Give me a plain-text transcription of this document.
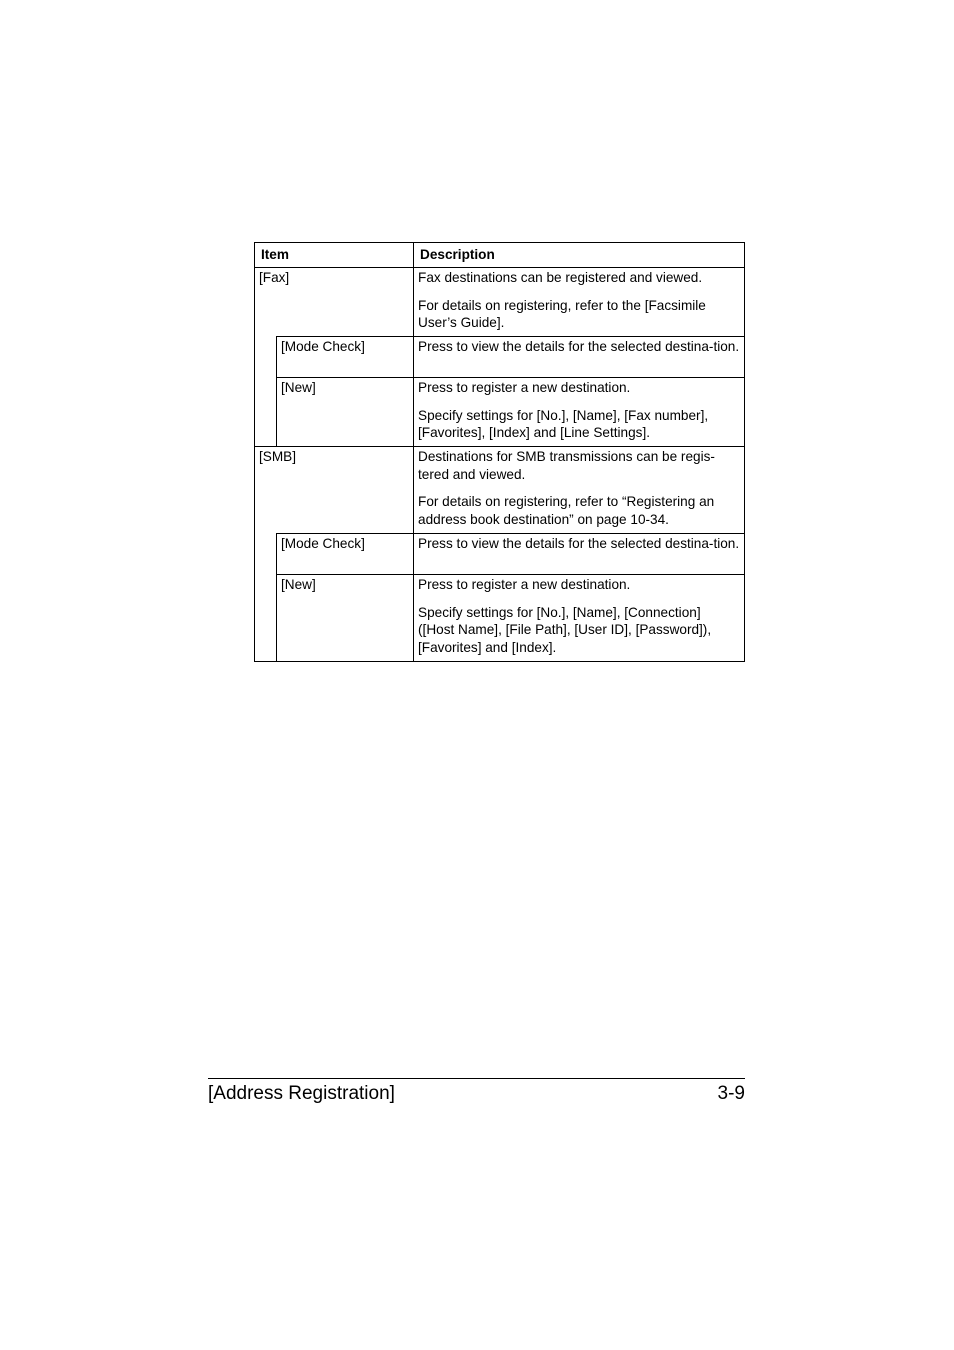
Item		Description

[Fax]		Fax destinations can be registered and viewed.

For details on registering, refer to the [Facsimile User’s Guide].

	[Mode Check]	Press to view the details for the selected destina-tion.

	[New]	Press to register a new destination.

Specify settings for [No.], [Name], [Fax number], [Favorites], [Index] and [Line Settings].

[SMB]		Destinations for SMB transmissions can be regis-tered and viewed.

For details on registering, refer to “Registering an address book destination” on page 10-34.

	[Mode Check]	Press to view the details for the selected destina-tion.

	[New]	Press to register a new destination.

Specify settings for [No.], [Name], [Connection] ([Host Name], [File Path], [User ID], [Password]), [Favorites] and [Index].

[Address Registration]	3-9
